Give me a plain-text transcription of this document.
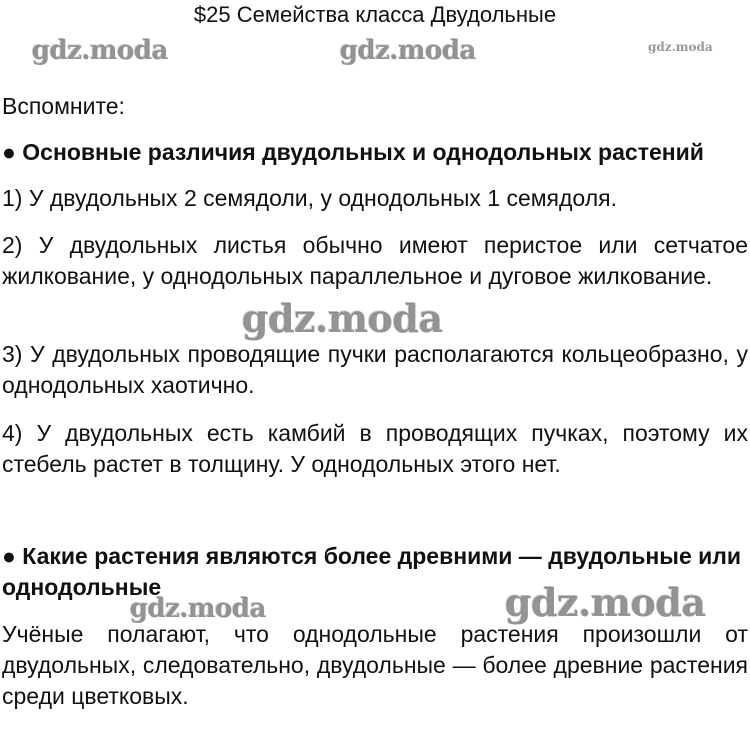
$25 Семейства класса Двудольные
gdz.moda	gdz.moda	gdz.moda

Вспомните:

● Основные различия двудольных и однодольных растений

1) У двудольных 2 семядоли, у однодольных 1 семядоля.

2) У двудольных листья обычно имеют перистое или сетчатое жилкование, у однодольных параллельное и дуговое жилкование.

gdz.moda

3) У двудольных проводящие пучки располагаются кольцеобразно, у однодольных хаотично.

4) У двудольных есть камбий в проводящих пучках, поэтому их стебель растет в толщину. У однодольных этого нет.

● Какие растения являются более древними — двудольные или однодольные

gdz.moda	gdz.moda

Учёные полагают, что однодольные растения произошли от двудольных, следовательно, двудольные — более древние растения среди цветковых.
